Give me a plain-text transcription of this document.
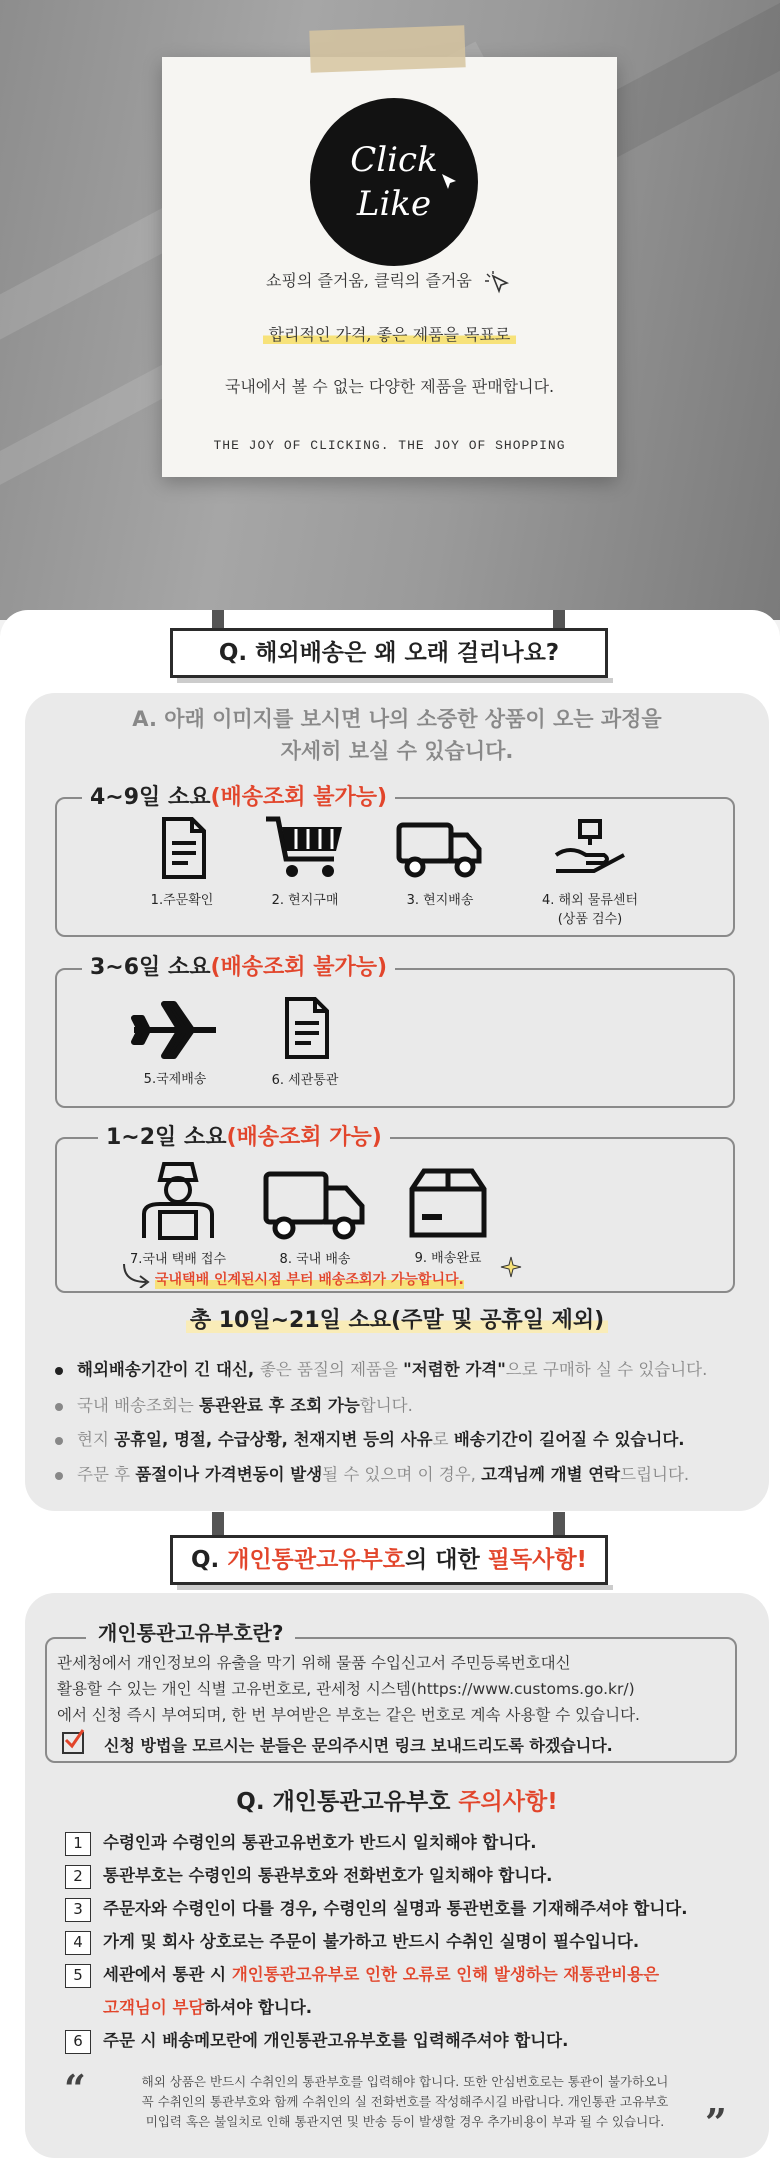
Click
Like
쇼핑의 즐거움, 클릭의 즐거움
합리적인 가격, 좋은 제품을 목표로
국내에서 볼 수 없는 다양한 제품을 판매합니다.
THE JOY OF CLICKING. THE JOY OF SHOPPING
Q. 해외배송은 왜 오래 걸리나요?
A. 아래 이미지를 보시면 나의 소중한 상품이 오는 과정을
자세히 보실 수 있습니다.
4~9일 소요(배송조회 불가능)
1.주문확인	2. 현지구매	3. 현지배송	4. 해외 물류센터
(상품 검수)
3~6일 소요(배송조회 불가능)
5.국제배송	6. 세관통관
1~2일 소요(배송조회 가능)
7.국내 택배 접수	8. 국내 배송	9. 배송완료
국내택배 인계된시점 부터 배송조회가 가능합니다.
총 10일~21일 소요(주말 및 공휴일 제외)
해외배송기간이 긴 대신, 좋은 품질의 제품을 "저렴한 가격"으로 구매하 실 수 있습니다.
국내 배송조회는 통관완료 후 조회 가능합니다.
현지 공휴일, 명절, 수급상황, 천재지변 등의 사유로 배송기간이 길어질 수 있습니다.
주문 후 품절이나 가격변동이 발생될 수 있으며 이 경우, 고객님께 개별 연락드립니다.
Q. 개인통관고유부호의 대한 필독사항!
개인통관고유부호란?
관세청에서 개인정보의 유출을 막기 위해 물품 수입신고서 주민등록번호대신
활용할 수 있는 개인 식별 고유번호로, 관세청 시스템(https://www.customs.go.kr/)
에서 신청 즉시 부여되며, 한 번 부여받은 부호는 같은 번호로 계속 사용할 수 있습니다.
신청 방법을 모르시는 분들은 문의주시면 링크 보내드리도록 하겠습니다.
Q. 개인통관고유부호 주의사항!
1 수령인과 수령인의 통관고유번호가 반드시 일치해야 합니다.
2 통관부호는 수령인의 통관부호와 전화번호가 일치해야 합니다.
3 주문자와 수령인이 다를 경우, 수령인의 실명과 통관번호를 기재해주셔야 합니다.
4 가게 및 회사 상호로는 주문이 불가하고 반드시 수취인 실명이 필수입니다.
5 세관에서 통관 시 개인통관고유부로 인한 오류로 인해 발생하는 재통관비용은
고객님이 부담하셔야 합니다.
6 주문 시 배송메모란에 개인통관고유부호를 입력해주셔야 합니다.
“	해외 상품은 반드시 수취인의 통관부호를 입력해야 합니다. 또한 안심번호로는 통관이 불가하오니
꼭 수취인의 통관부호와 함께 수취인의 실 전화번호를 작성해주시길 바랍니다. 개인통관 고유부호
미입력 혹은 불일치로 인해 통관지연 및 반송 등이 발생할 경우 추가비용이 부과 될 수 있습니다.	”
